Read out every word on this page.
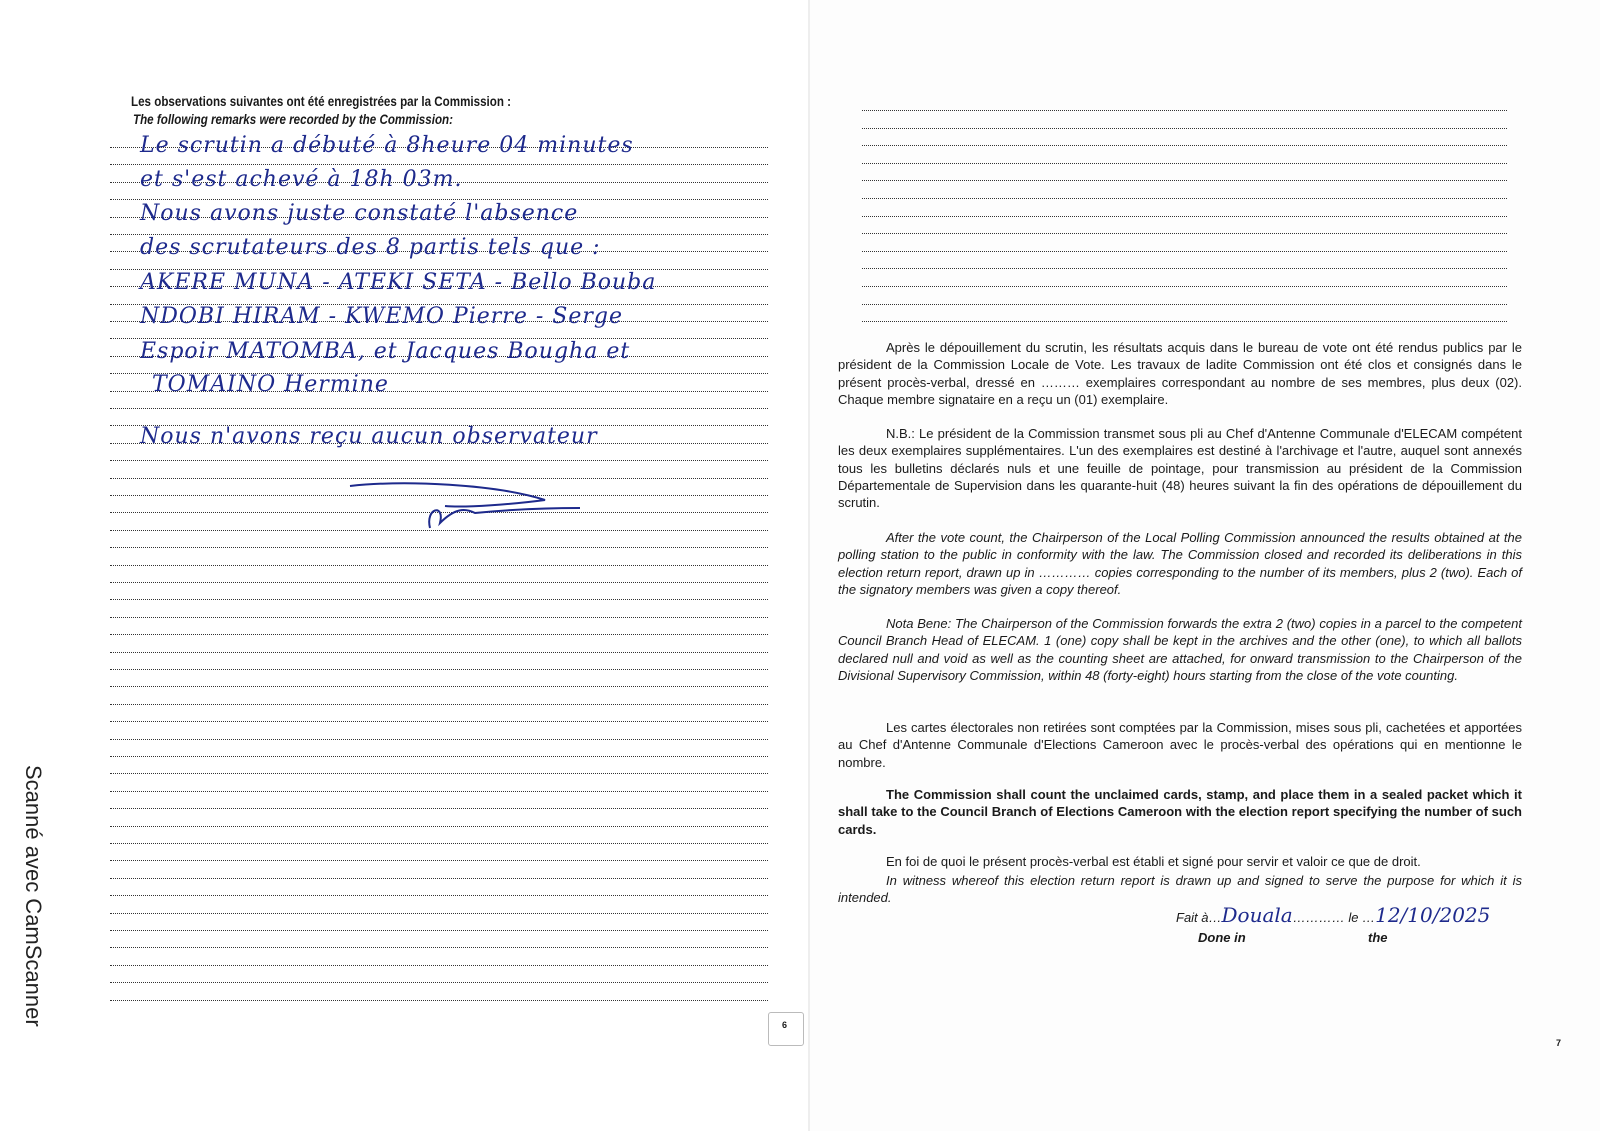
Les observations suivantes ont été enregistrées par la Commission :
The following remarks were recorded by the Commission:
Le scrutin a débuté à 8heure 04 minutes
et s'est achevé à 18h 03m.
Nous avons juste constaté l'absence
des scrutateurs des 8 partis tels que :
AKERE MUNA - ATEKI SETA - Bello Bouba
NDOBI HIRAM - KWEMO Pierre - Serge
Espoir MATOMBA, et Jacques Bougha et
TOMAINO Hermine
Nous n'avons reçu aucun observateur
6
Scanné avec CamScanner
Après le dépouillement du scrutin, les résultats acquis dans le bureau de vote ont été rendus publics par le président de la Commission Locale de Vote. Les travaux de ladite Commission ont été clos et consignés dans le présent procès-verbal, dressé en ……… exemplaires correspondant au nombre de ses membres, plus deux (02). Chaque membre signataire en a reçu un (01) exemplaire.
N.B.: Le président de la Commission transmet sous pli au Chef d'Antenne Communale d'ELECAM compétent les deux exemplaires supplémentaires. L'un des exemplaires est destiné à l'archivage et l'autre, auquel sont annexés tous les bulletins déclarés nuls et une feuille de pointage, pour transmission au président de la Commission Départementale de Supervision dans les quarante-huit (48) heures suivant la fin des opérations de dépouillement du scrutin.
After the vote count, the Chairperson of the Local Polling Commission announced the results obtained at the polling station to the public in conformity with the law. The Commission closed and recorded its deliberations in this election return report, drawn up in ………… copies corresponding to the number of its members, plus 2 (two). Each of the signatory members was given a copy thereof.
Nota Bene: The Chairperson of the Commission forwards the extra 2 (two) copies in a parcel to the competent Council Branch Head of ELECAM. 1 (one) copy shall be kept in the archives and the other (one), to which all ballots declared null and void as well as the counting sheet are attached, for onward transmission to the Chairperson of the Divisional Supervisory Commission, within 48 (forty-eight) hours starting from the close of the vote counting.
Les cartes électorales non retirées sont comptées par la Commission, mises sous pli, cachetées et apportées au Chef d'Antenne Communale d'Elections Cameroon avec le procès-verbal des opérations qui en mentionne le nombre.
The Commission shall count the unclaimed cards, stamp, and place them in a sealed packet which it shall take to the Council Branch of Elections Cameroon with the election report specifying the number of such cards.
En foi de quoi le présent procès-verbal est établi et signé pour servir et valoir ce que de droit.
In witness whereof this election return report is drawn up and signed to serve the purpose for which it is intended.
Fait à…Douala………… le …12/10/2025
Done in	the
7
